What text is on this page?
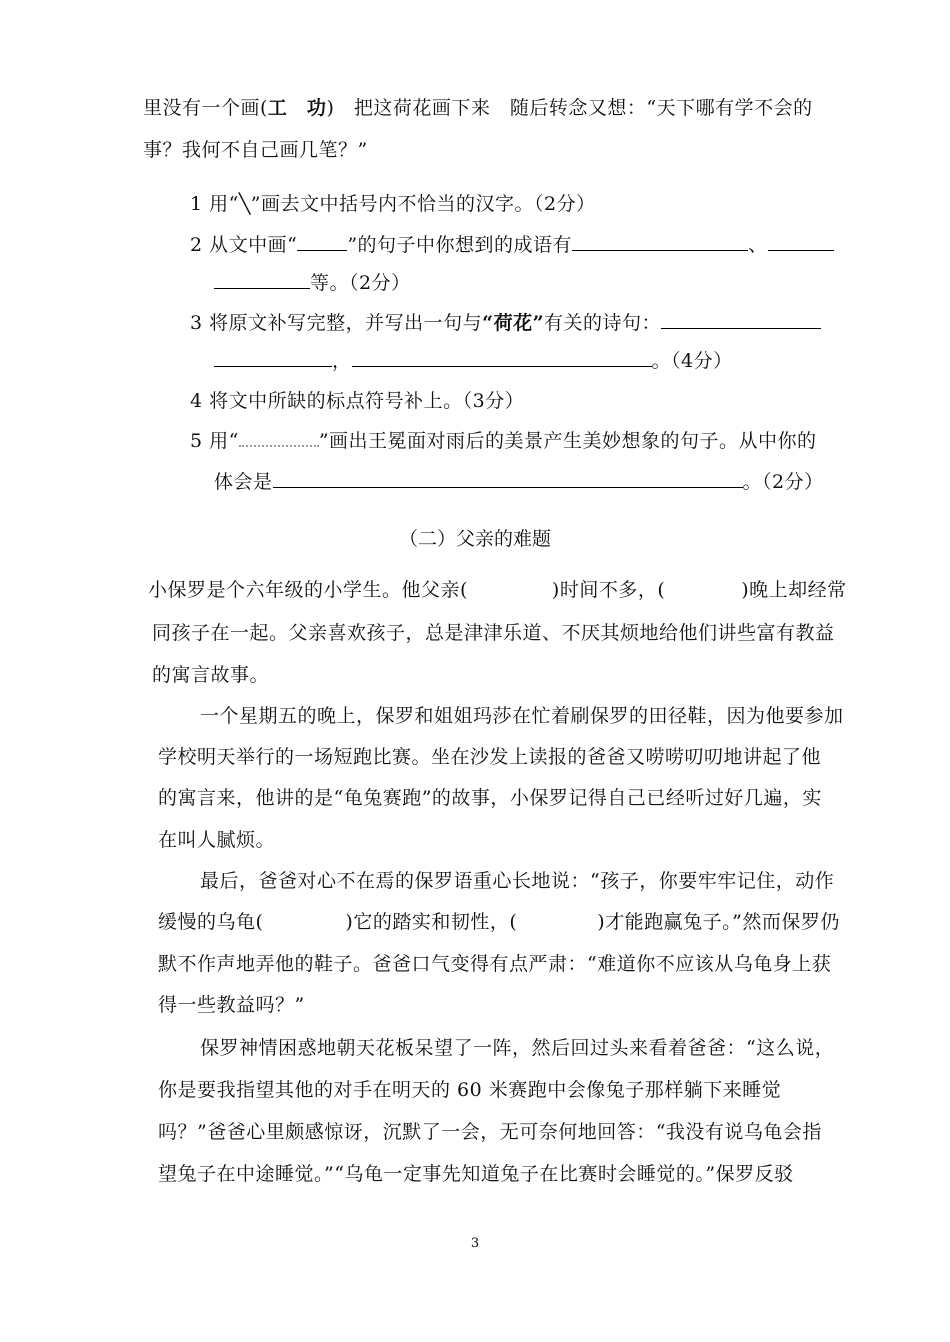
里没有一个画(工　功)　把这荷花画下来　随后转念又想：“天下哪有学不会的
事？我何不自己画几笔？”
1 用“╲”画去文中括号内不恰当的汉字。（2分）
2 从文中画“	”的句子中你想到的成语有	、
等。（2分）
3 将原文补写完整，并写出一句与“荷花”有关的诗句：
，	。（4分）
4 将文中所缺的标点符号补上。（3分）
5 用“	”画出王冕面对雨后的美景产生美妙想象的句子。从中你的
体会是	。（2分）
（二）父亲的难题
小保罗是个六年级的小学生。他父亲(	)时间不多，(	)晚上却经常
同孩子在一起。父亲喜欢孩子，总是津津乐道、不厌其烦地给他们讲些富有教益
的寓言故事。
一个星期五的晚上，保罗和姐姐玛莎在忙着刷保罗的田径鞋，因为他要参加
学校明天举行的一场短跑比赛。坐在沙发上读报的爸爸又唠唠叨叨地讲起了他
的寓言来，他讲的是“龟兔赛跑”的故事，小保罗记得自己已经听过好几遍，实
在叫人腻烦。
最后，爸爸对心不在焉的保罗语重心长地说：“孩子，你要牢牢记住，动作
缓慢的乌龟(	)它的踏实和韧性，(	)才能跑赢兔子。”然而保罗仍
默不作声地弄他的鞋子。爸爸口气变得有点严肃：“难道你不应该从乌龟身上获
得一些教益吗？”
保罗神情困惑地朝天花板呆望了一阵，然后回过头来看着爸爸：“这么说，
你是要我指望其他的对手在明天的 60 米赛跑中会像兔子那样躺下来睡觉
吗？”爸爸心里颇感惊讶，沉默了一会，无可奈何地回答：“我没有说乌龟会指
望兔子在中途睡觉。”“乌龟一定事先知道兔子在比赛时会睡觉的。”保罗反驳
3
